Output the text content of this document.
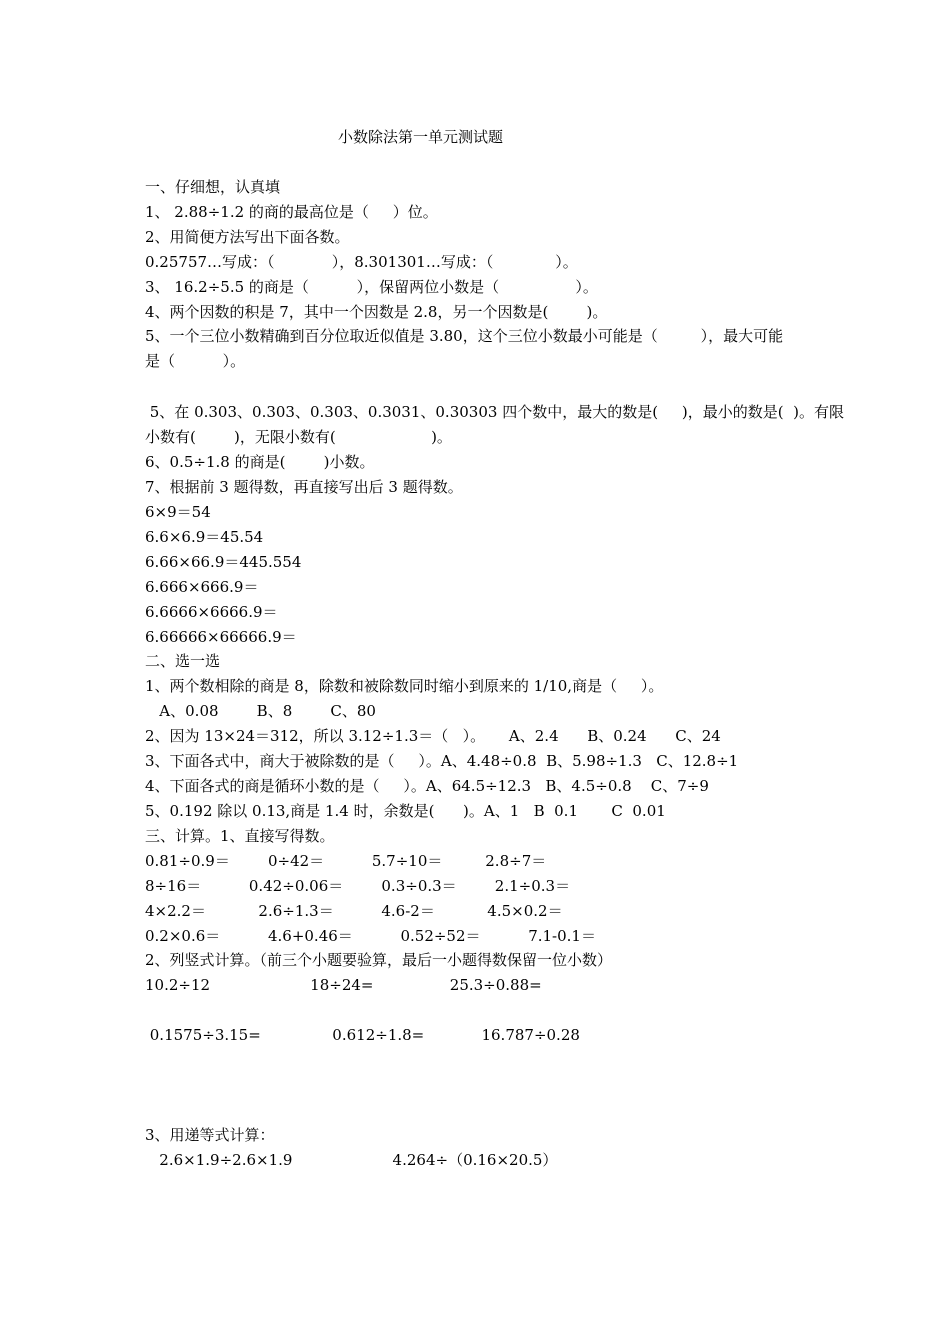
小数除法第一单元测试题
一、仔细想，认真填
1、 2.88÷1.2 的商的最高位是（     ）位。
2、用简便方法写出下面各数。
0.25757…写成：（            ），8.301301…写成：（             ）。
3、 16.2÷5.5 的商是（          ），保留两位小数是（                ）。
4、两个因数的积是 7，其中一个因数是 2.8，另一个因数是(        )。
5、一个三位小数精确到百分位取近似值是 3.80，这个三位小数最小可能是（         ），最大可能
是（          ）。
5、在 0.303、0.303、0.303、0.3031、0.30303 四个数中，最大的数是(     )，最小的数是(  )。有限
小数有(        )，无限小数有(                    )。
6、0.5÷1.8 的商是(        )小数。
7、根据前 3 题得数，再直接写出后 3 题得数。
6×9＝54
6.6×6.9＝45.54
6.66×66.9＝445.554
6.666×666.9＝
6.6666×6666.9＝
6.66666×66666.9＝
二、选一选
1、两个数相除的商是 8，除数和被除数同时缩小到原来的 1/10,商是（     ）。
A、0.08        B、8        C、80
2、因为 13×24＝312，所以 3.12÷1.3＝（   ）。     A、2.4      B、0.24      C、24
3、下面各式中，商大于被除数的是（     ）。A、4.48÷0.8  B、5.98÷1.3   C、12.8÷1
4、下面各式的商是循环小数的是（     ）。A、64.5÷12.3   B、4.5÷0.8    C、7÷9
5、0.192 除以 0.13,商是 1.4 时，余数是(      )。A、1   B  0.1       C  0.01
三、计算。1、直接写得数。
0.81÷0.9＝        0÷42＝          5.7÷10＝         2.8÷7＝
8÷16＝          0.42÷0.06＝        0.3÷0.3＝        2.1÷0.3＝
4×2.2＝           2.6÷1.3＝          4.6-2＝           4.5×0.2＝
0.2×0.6＝          4.6+0.46＝          0.52÷52＝          7.1-0.1＝
2、列竖式计算。（前三个小题要验算，最后一小题得数保留一位小数）
10.2÷12                     18÷24=                25.3÷0.88=
0.1575÷3.15=               0.612÷1.8=            16.787÷0.28
3、用递等式计算：
2.6×1.9÷2.6×1.9                     4.264÷（0.16×20.5）
